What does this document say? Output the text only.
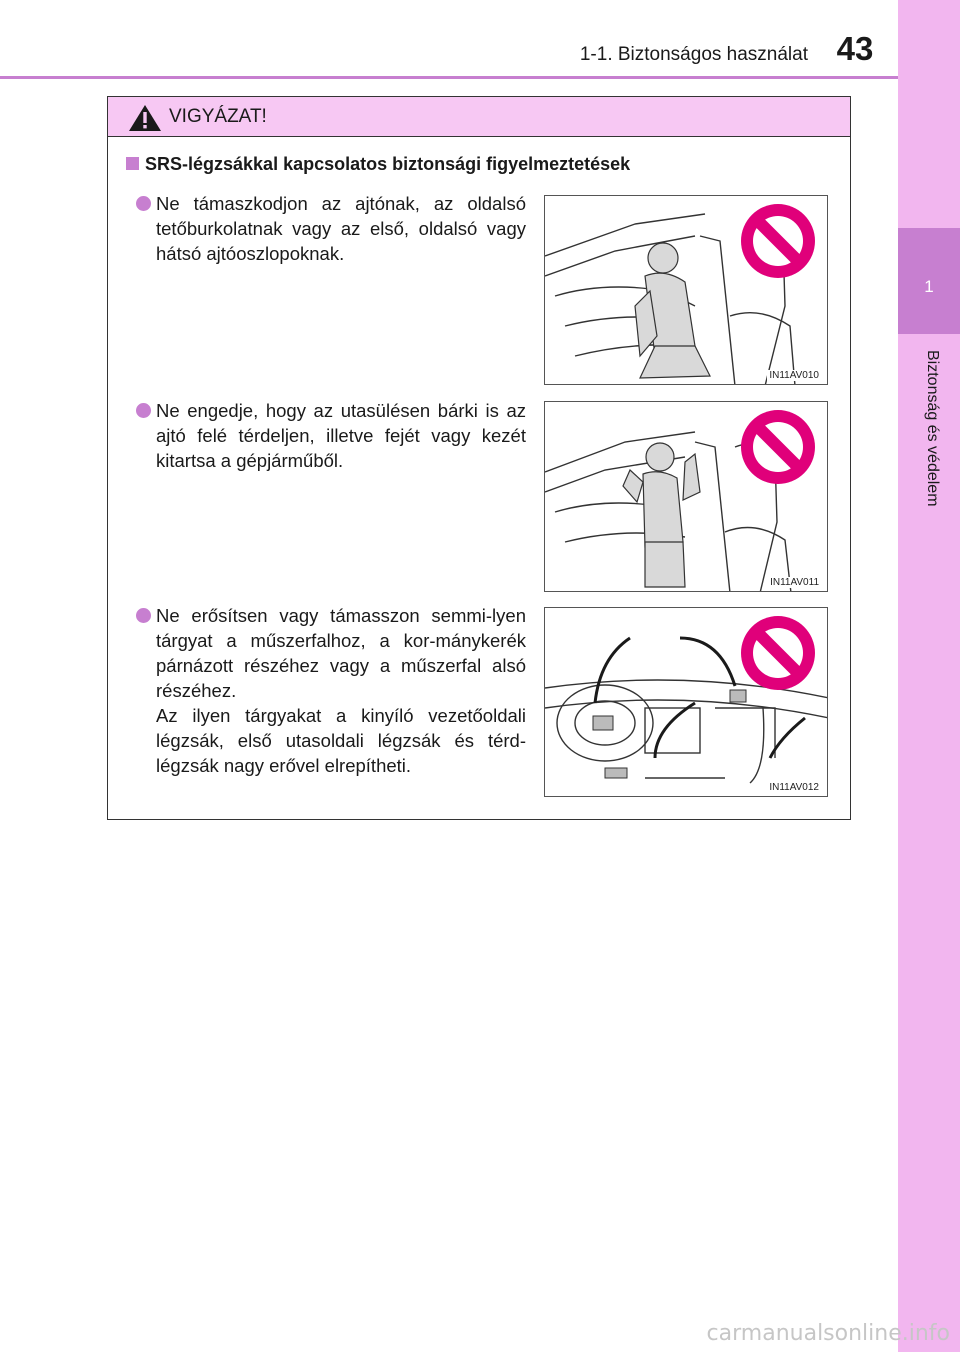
1-1. Biztonságos használat 43
1
Biztonság és védelem
VIGYÁZAT!
SRS-légzsákkal kapcsolatos biztonsági figyelmeztetések
Ne támaszkodjon az ajtónak, az oldalsó tetőburkolatnak vagy az első, oldalsó vagy hátsó ajtóoszlopoknak.
IN11AV010
Ne engedje, hogy az utasülésen bárki is az ajtó felé térdeljen, illetve fejét vagy kezét kitartsa a gépjárműből.
IN11AV011
Ne erősítsen vagy támasszon semmi-lyen tárgyat a műszerfalhoz, a kor-mánykerék párnázott részéhez vagy a műszerfal alsó részéhez.
Az ilyen tárgyakat a kinyíló vezetőoldali légzsák, első utasoldali légzsák és térd-légzsák nagy erővel elrepítheti.
IN11AV012
carmanualsonline.info
